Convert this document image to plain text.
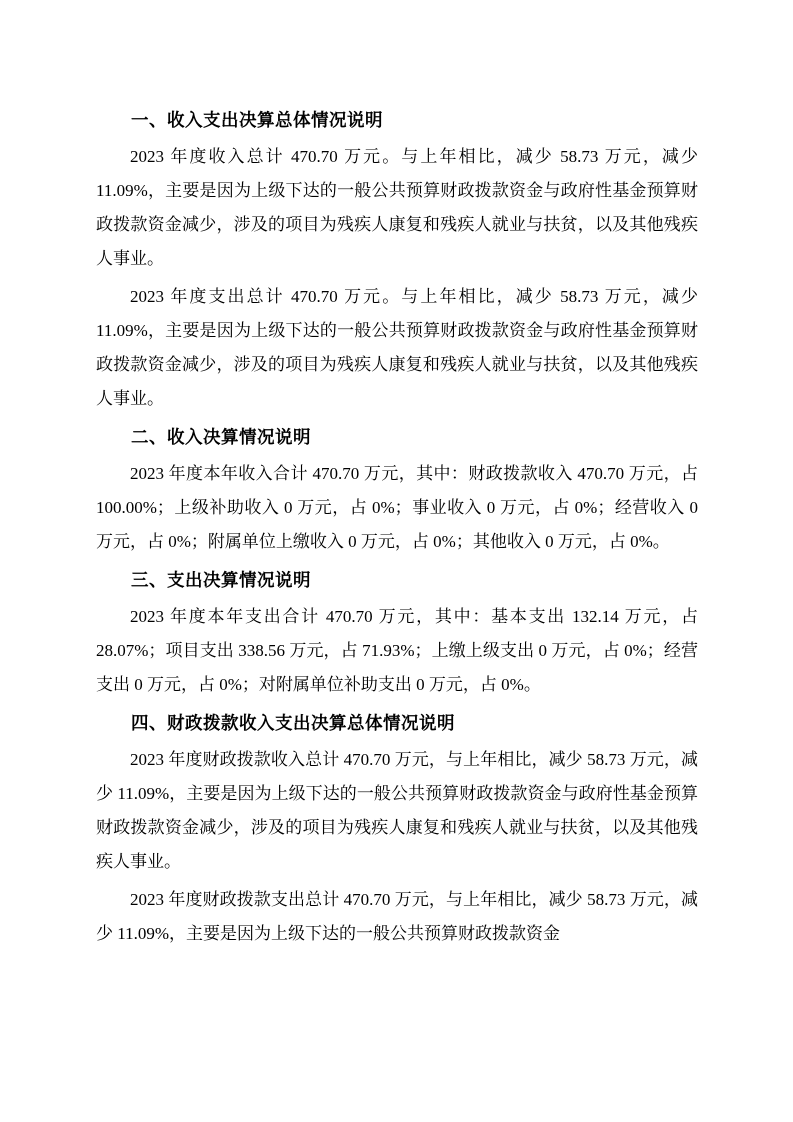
一、收入支出决算总体情况说明

2023 年度收入总计 470.70 万元。与上年相比，减少 58.73 万元，减少 11.09%，主要是因为上级下达的一般公共预算财政拨款资金与政府性基金预算财政拨款资金减少，涉及的项目为残疾人康复和残疾人就业与扶贫，以及其他残疾人事业。

2023 年度支出总计 470.70 万元。与上年相比，减少 58.73 万元，减少 11.09%，主要是因为上级下达的一般公共预算财政拨款资金与政府性基金预算财政拨款资金减少，涉及的项目为残疾人康复和残疾人就业与扶贫，以及其他残疾人事业。

二、收入决算情况说明

2023 年度本年收入合计 470.70 万元，其中：财政拨款收入 470.70 万元，占 100.00%；上级补助收入 0 万元，占 0%；事业收入 0 万元，占 0%；经营收入 0 万元，占 0%；附属单位上缴收入 0 万元，占 0%；其他收入 0 万元，占 0%。

三、支出决算情况说明

2023 年度本年支出合计 470.70 万元，其中：基本支出 132.14 万元，占 28.07%；项目支出 338.56 万元，占 71.93%；上缴上级支出 0 万元，占 0%；经营支出 0 万元，占 0%；对附属单位补助支出 0 万元，占 0%。

四、财政拨款收入支出决算总体情况说明

2023 年度财政拨款收入总计 470.70 万元，与上年相比，减少 58.73 万元，减少 11.09%，主要是因为上级下达的一般公共预算财政拨款资金与政府性基金预算财政拨款资金减少，涉及的项目为残疾人康复和残疾人就业与扶贫，以及其他残疾人事业。

2023 年度财政拨款支出总计 470.70 万元，与上年相比，减少 58.73 万元，减少 11.09%，主要是因为上级下达的一般公共预算财政拨款资金
